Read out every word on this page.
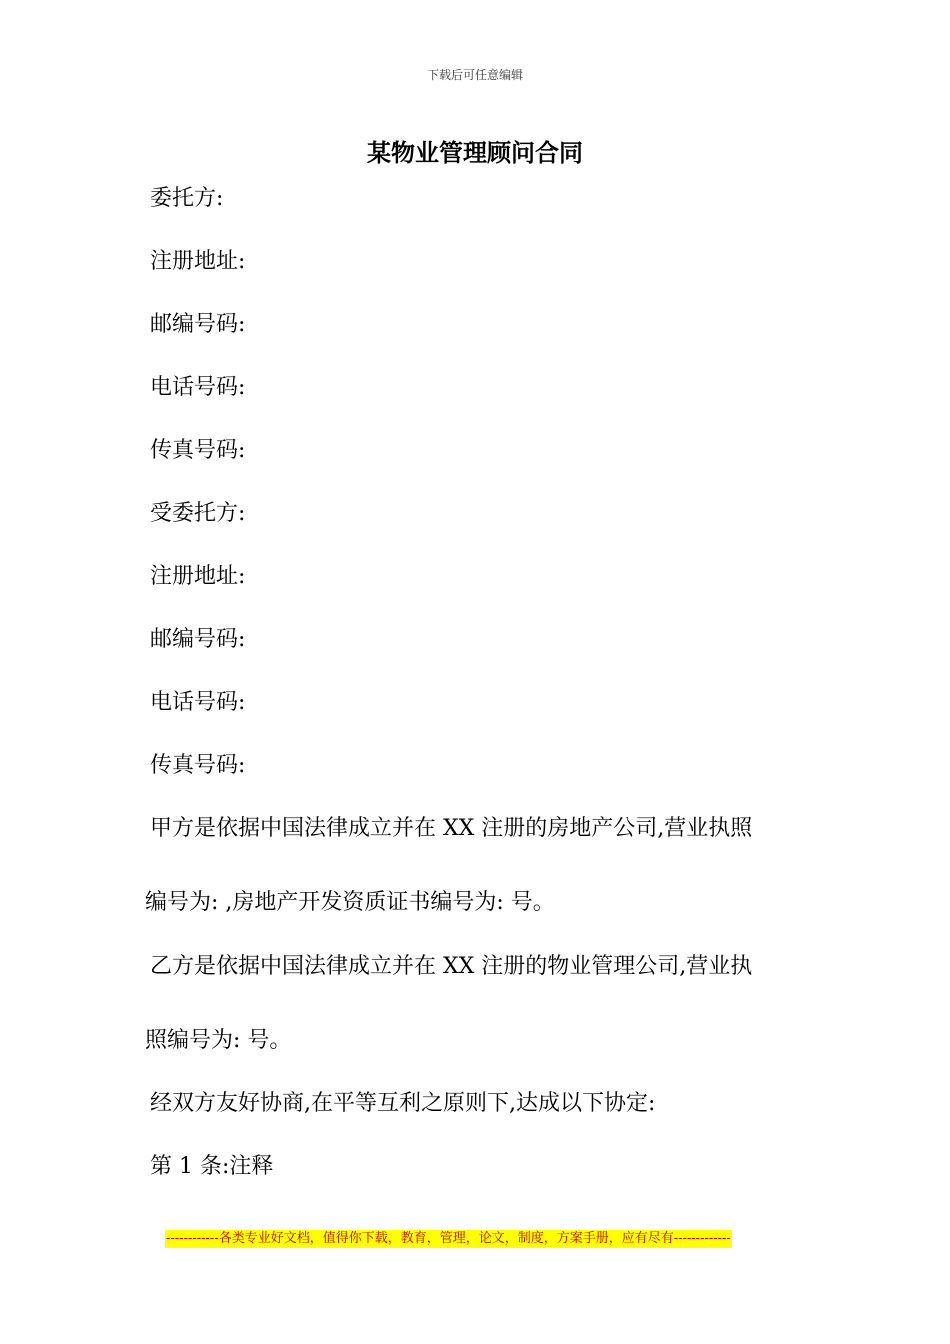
下载后可任意编辑
某物业管理顾问合同
委托方:
注册地址:
邮编号码:
电话号码:
传真号码:
受委托方:
注册地址:
邮编号码:
电话号码:
传真号码:
甲方是依据中国法律成立并在 XX 注册的房地产公司,营业执照
编号为: ,房地产开发资质证书编号为: 号。
乙方是依据中国法律成立并在 XX 注册的物业管理公司,营业执
照编号为: 号。
经双方友好协商,在平等互利之原则下,达成以下协定:
第 1 条:注释
------------各类专业好文档，值得你下载，教育，管理，论文，制度，方案手册，应有尽有-------------
